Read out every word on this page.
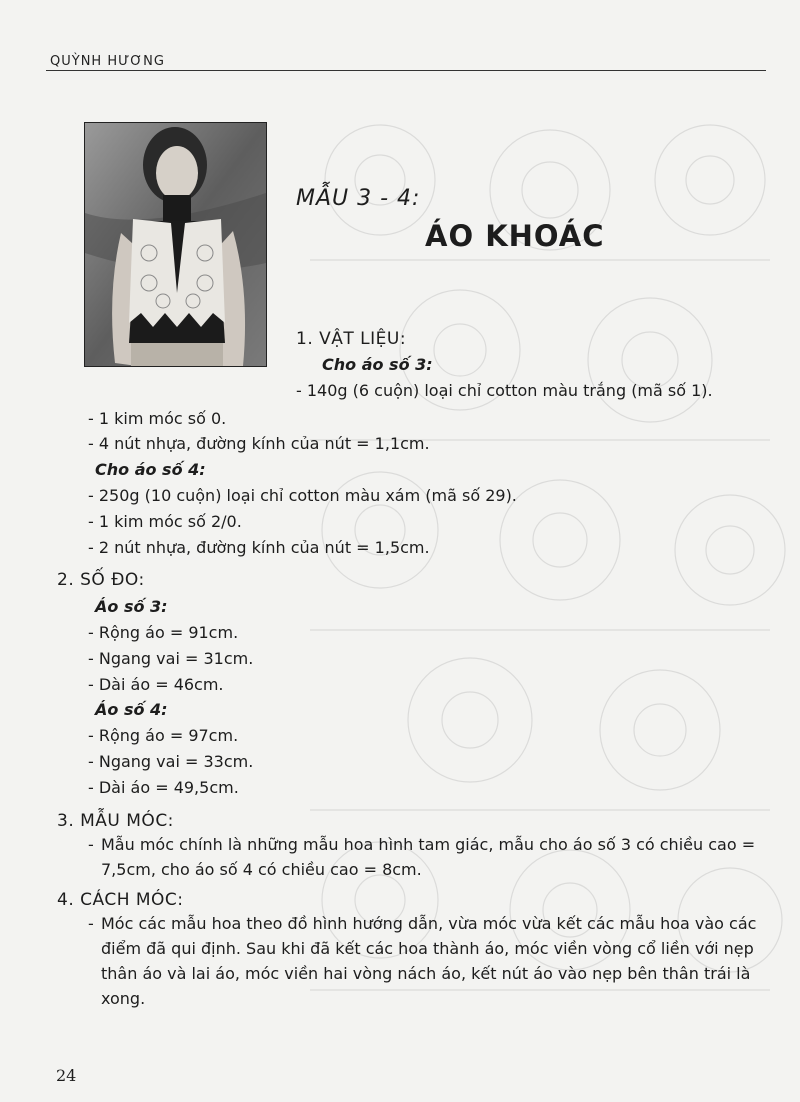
QUỲNH HƯƠNG
MẪU 3 - 4:
ÁO KHOÁC
1. VẬT LIỆU:
Cho áo số 3:
- 140g (6 cuộn) loại chỉ cotton màu trắng (mã số 1).
- 1 kim móc số 0.
- 4 nút nhựa, đường kính của nút = 1,1cm.
Cho áo số 4:
- 250g (10 cuộn) loại chỉ cotton màu xám (mã số 29).
- 1 kim móc số 2/0.
- 2 nút nhựa, đường kính của nút = 1,5cm.
2. SỐ ĐO:
Áo số 3:
- Rộng áo = 91cm.
- Ngang vai = 31cm.
- Dài áo = 46cm.
Áo số 4:
- Rộng áo = 97cm.
- Ngang vai = 33cm.
- Dài áo = 49,5cm.
3. MẪU MÓC:
- Mẫu móc chính là những mẫu hoa hình tam giác, mẫu cho áo số 3 có chiều cao = 7,5cm, cho áo số 4 có chiều cao = 8cm.
4. CÁCH MÓC:
- Móc các mẫu hoa theo đồ hình hướng dẫn, vừa móc vừa kết các mẫu hoa vào các điểm đã qui định. Sau khi đã kết các hoa thành áo, móc viền vòng cổ liền với nẹp thân áo và lai áo, móc viền hai vòng nách áo, kết nút áo vào nẹp bên thân trái là xong.
24
